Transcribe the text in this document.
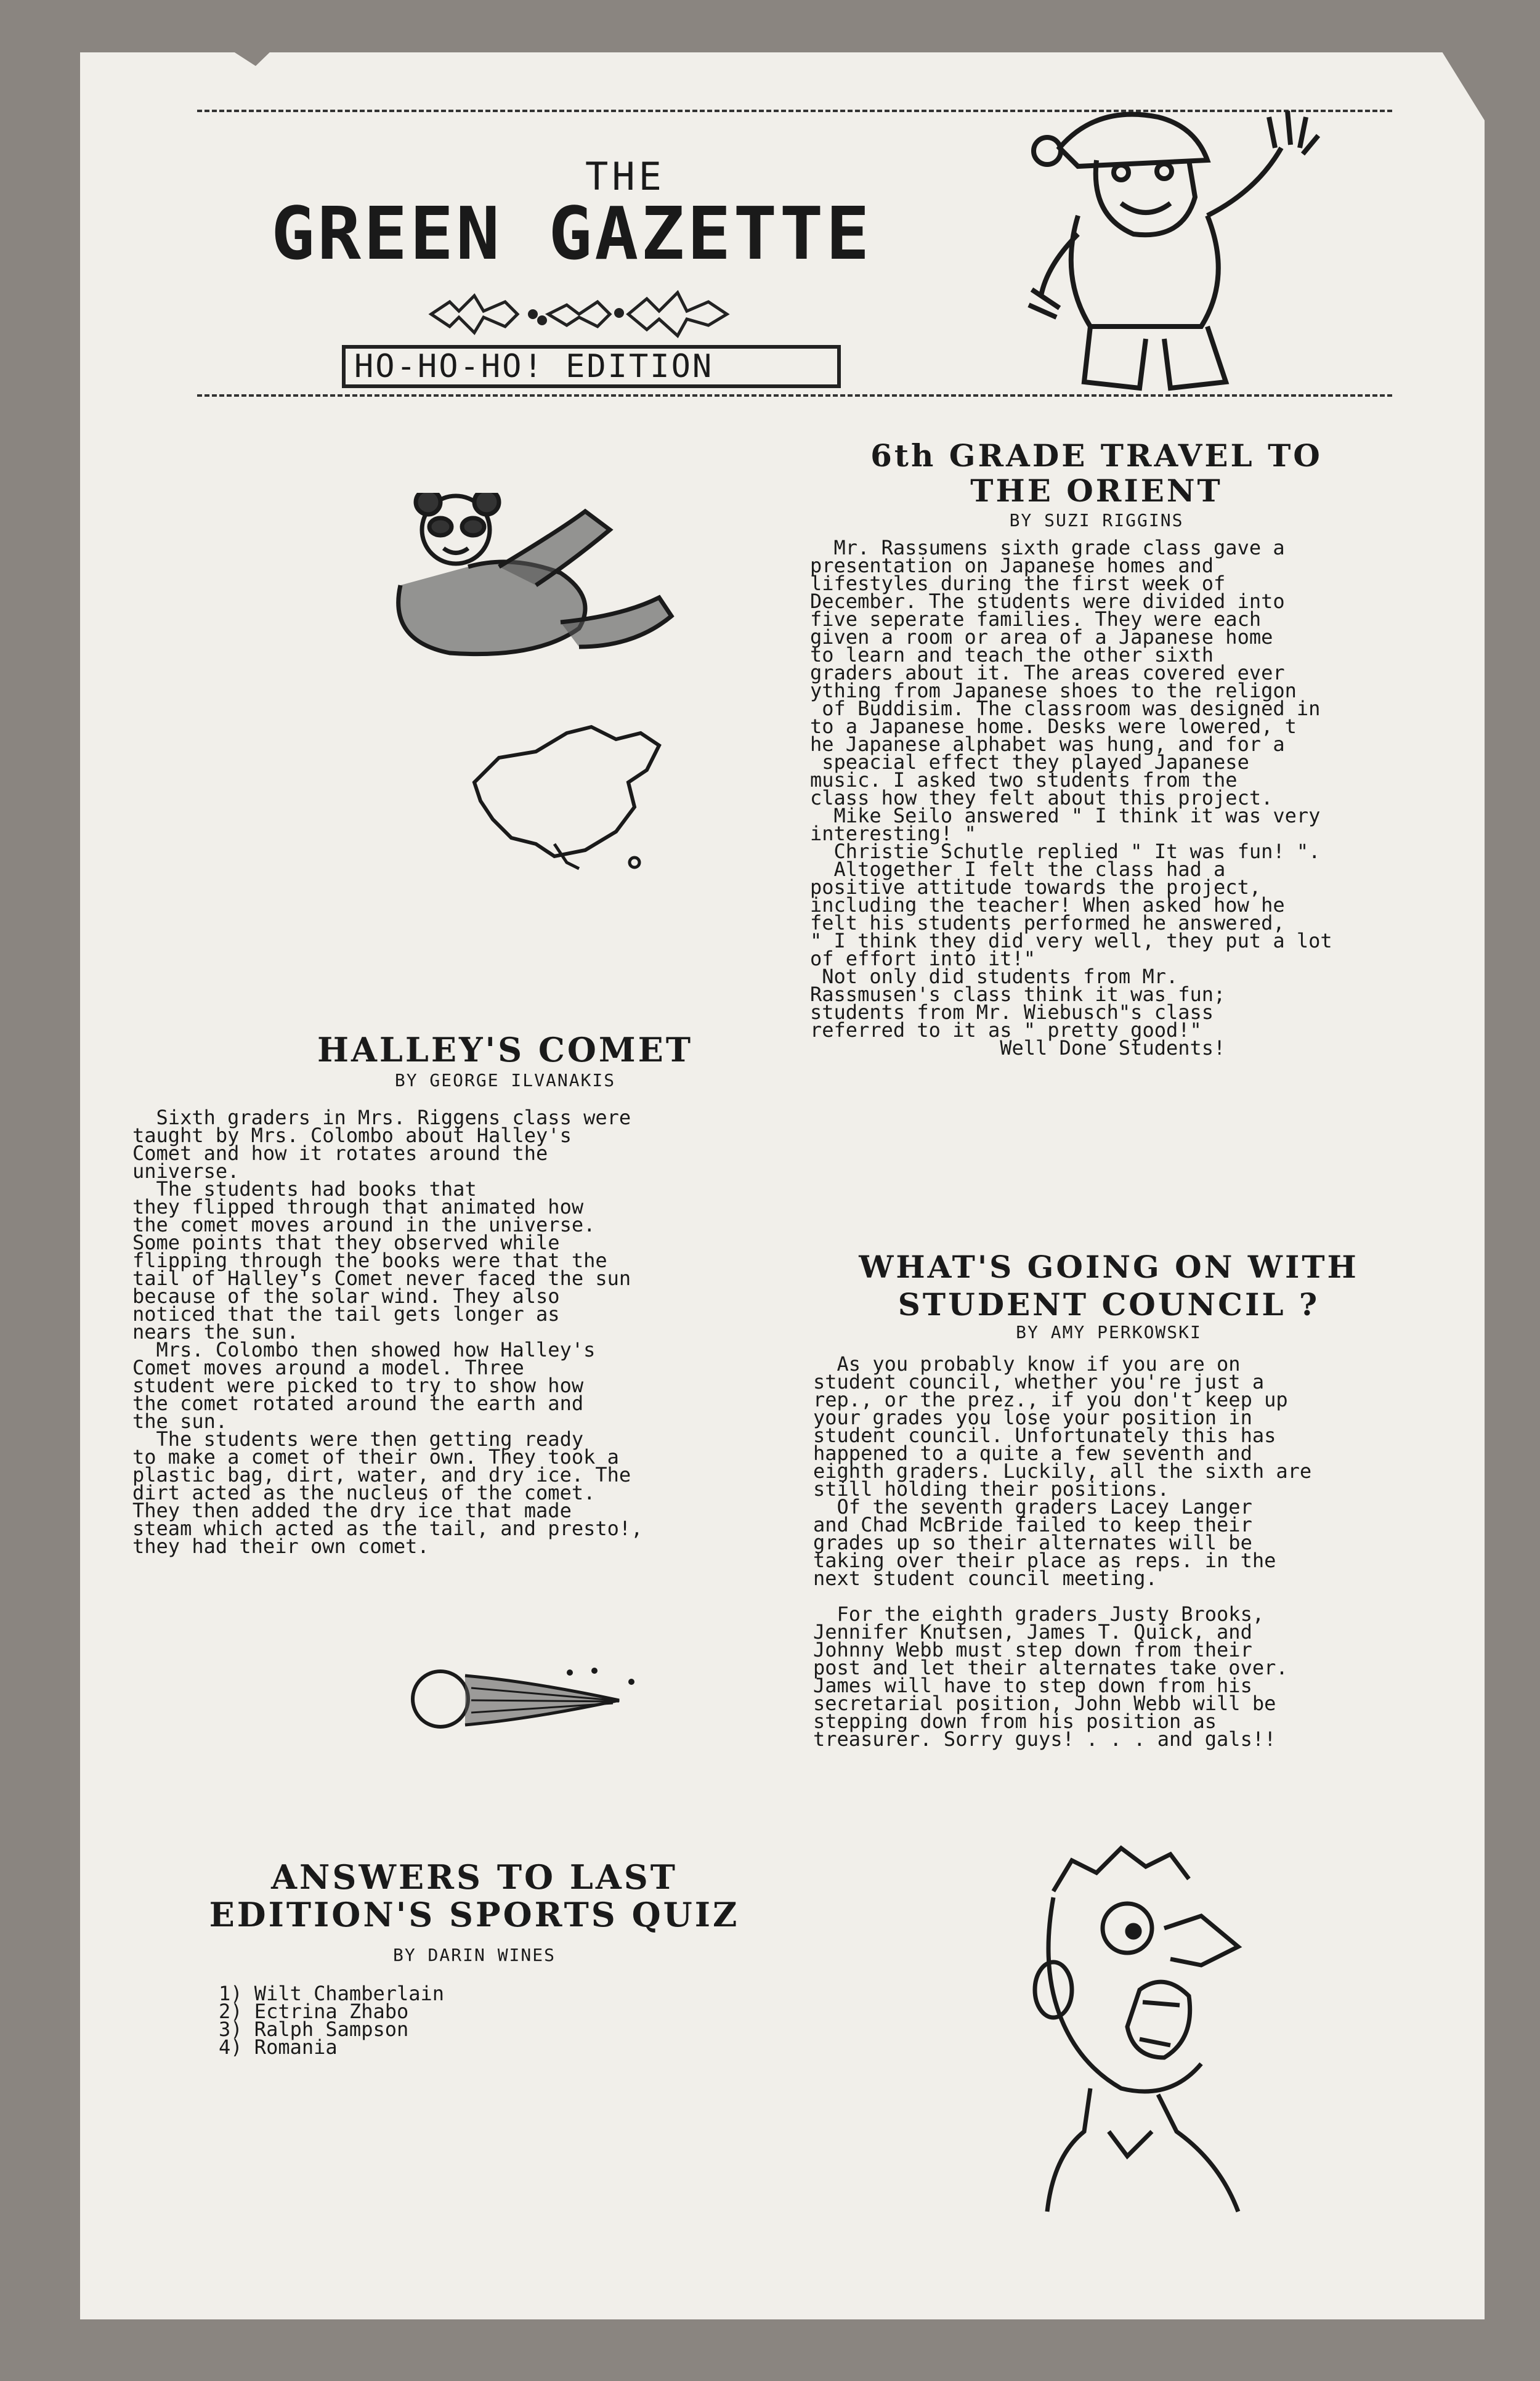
THE
GREEN GAZETTE
HO-HO-HO! EDITION
6th GRADE TRAVEL TO
THE ORIENT
BY SUZI RIGGINS
Mr. Rassumens sixth grade class gave a
presentation on Japanese homes and
lifestyles during the first week of
December. The students were divided into
five seperate families. They were each
given a room or area of a Japanese home
to learn and teach the other sixth
graders about it. The areas covered ever
ything from Japanese shoes to the religon
of Buddisim. The classroom was designed in
to a Japanese home. Desks were lowered, t
he Japanese alphabet was hung, and for a
speacial effect they played Japanese
music. I asked two students from the
class how they felt about this project.
Mike Seilo answered " I think it was very
interesting! "
Christie Schutle replied " It was fun! ".
Altogether I felt the class had a
positive attitude towards the project,
including the teacher! When asked how he
felt his students performed he answered,
" I think they did very well, they put a lot
of effort into it!"
Not only did students from Mr.
Rassmusen's class think it was fun;
students from Mr. Wiebusch"s class
referred to it as " pretty good!"
Well Done Students!
HALLEY'S COMET
BY GEORGE ILVANAKIS
Sixth graders in Mrs. Riggens class were
taught by Mrs. Colombo about Halley's
Comet and how it rotates around the
universe.
The students had books that
they flipped through that animated how
the comet moves around in the universe.
Some points that they observed while
flipping through the books were that the
tail of Halley's Comet never faced the sun
because of the solar wind. They also
noticed that the tail gets longer as
nears the sun.
Mrs. Colombo then showed how Halley's
Comet moves around a model. Three
student were picked to try to show how
the comet rotated around the earth and
the sun.
The students were then getting ready
to make a comet of their own. They took a
plastic bag, dirt, water, and dry ice. The
dirt acted as the nucleus of the comet.
They then added the dry ice that made
steam which acted as the tail, and presto!,
they had their own comet.
WHAT'S GOING ON WITH
STUDENT COUNCIL ?
BY AMY PERKOWSKI
As you probably know if you are on
student council, whether you're just a
rep., or the prez., if you don't keep up
your grades you lose your position in
student council. Unfortunately this has
happened to a quite a few seventh and
eighth graders. Luckily, all the sixth are
still holding their positions.
Of the seventh graders Lacey Langer
and Chad McBride failed to keep their
grades up so their alternates will be
taking over their place as reps. in the
next student council meeting.

For the eighth graders Justy Brooks,
Jennifer Knutsen, James T. Quick, and
Johnny Webb must step down from their
post and let their alternates take over.
James will have to step down from his
secretarial position, John Webb will be
stepping down from his position as
treasurer. Sorry guys! . . . and gals!!
ANSWERS TO LAST
EDITION'S SPORTS QUIZ
BY DARIN WINES
1) Wilt Chamberlain
2) Ectrina Zhabo
3) Ralph Sampson
4) Romania
